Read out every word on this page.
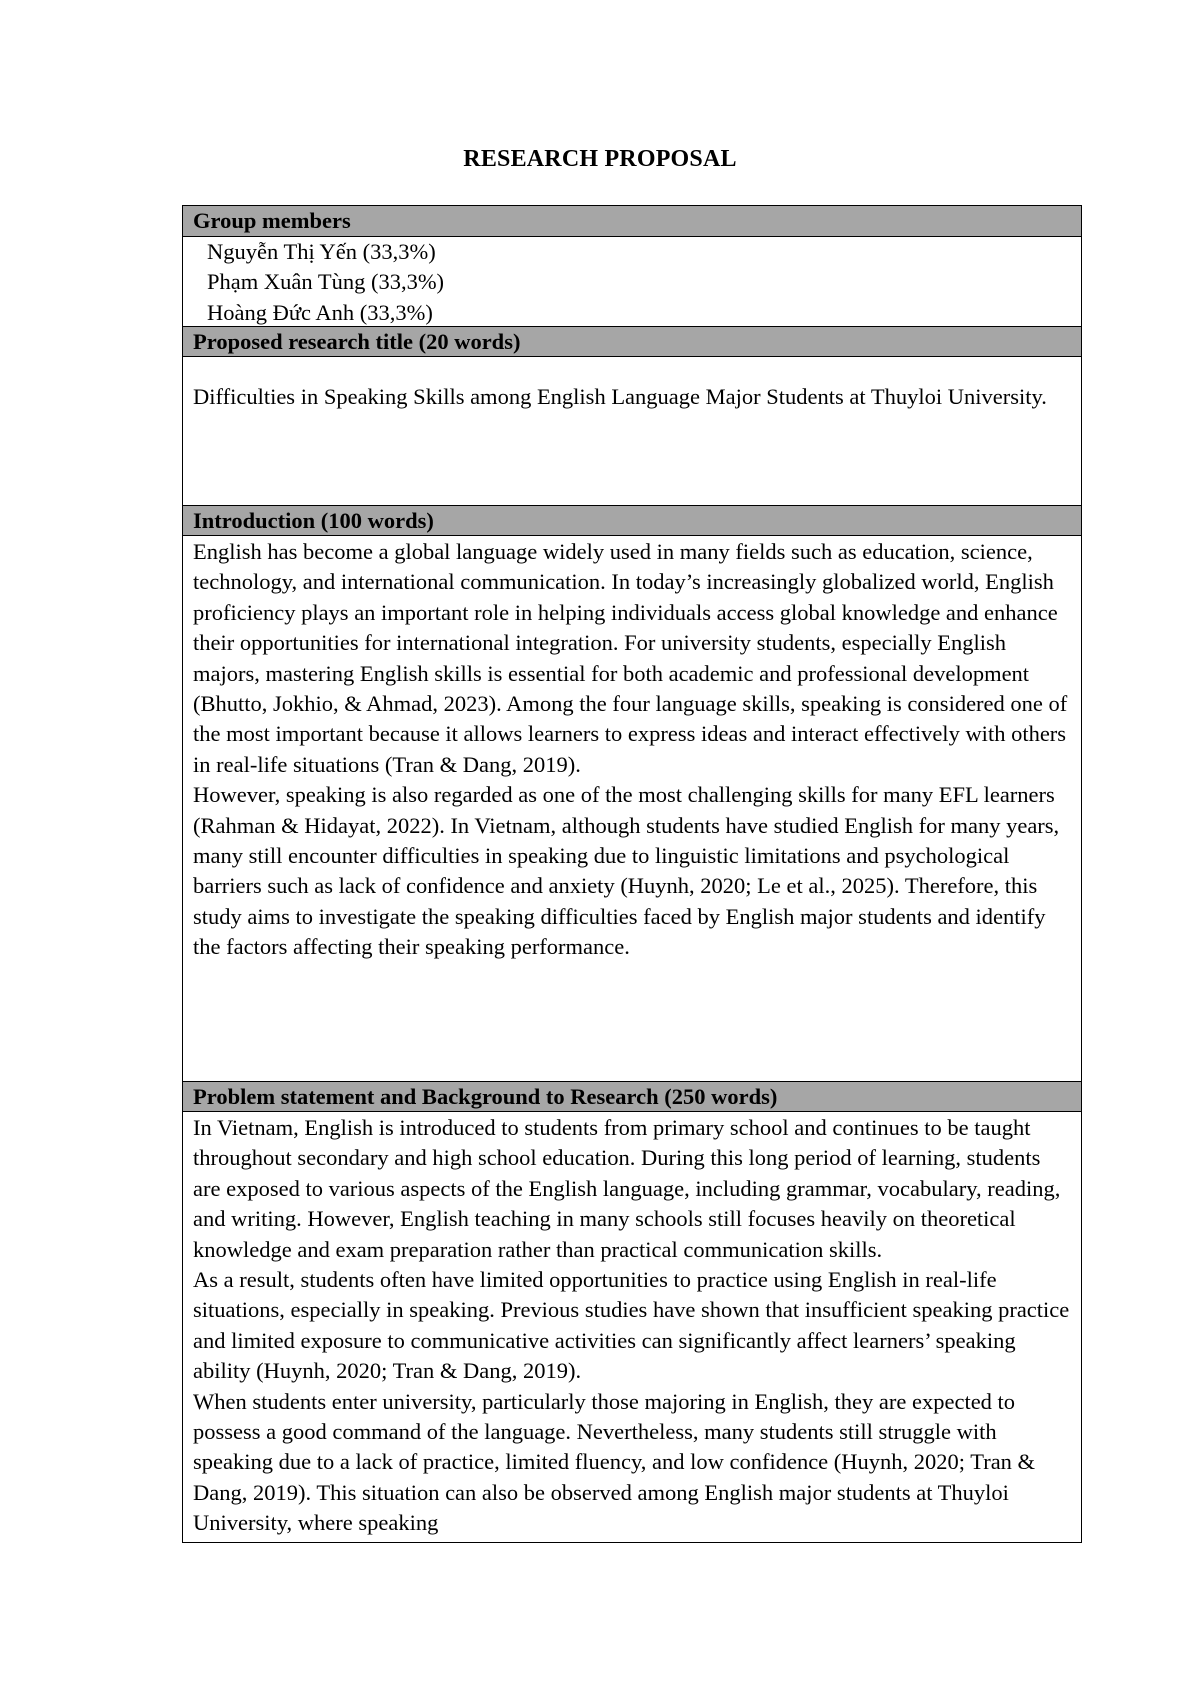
RESEARCH PROPOSAL
Group members

Nguyễn Thị Yến (33,3%)

Phạm Xuân Tùng (33,3%)

Hoàng Đức Anh (33,3%)

Proposed research title (20 words)

Difficulties in Speaking Skills among English Language Major Students at Thuyloi University.

Introduction (100 words)

English has become a global language widely used in many fields such as education, science, technology, and international communication. In today’s increasingly globalized world, English proficiency plays an important role in helping individuals access global knowledge and enhance their opportunities for international integration. For university students, especially English majors, mastering English skills is essential for both academic and professional development (Bhutto, Jokhio, & Ahmad, 2023). Among the four language skills, speaking is considered one of the most important because it allows learners to express ideas and interact effectively with others in real-life situations (Tran & Dang, 2019).

However, speaking is also regarded as one of the most challenging skills for many EFL learners (Rahman & Hidayat, 2022). In Vietnam, although students have studied English for many years, many still encounter difficulties in speaking due to linguistic limitations and psychological barriers such as lack of confidence and anxiety (Huynh, 2020; Le et al., 2025). Therefore, this study aims to investigate the speaking difficulties faced by English major students and identify the factors affecting their speaking performance.

Problem statement and Background to Research (250 words)

In Vietnam, English is introduced to students from primary school and continues to be taught throughout secondary and high school education. During this long period of learning, students are exposed to various aspects of the English language, including grammar, vocabulary, reading, and writing. However, English teaching in many schools still focuses heavily on theoretical knowledge and exam preparation rather than practical communication skills.

As a result, students often have limited opportunities to practice using English in real-life situations, especially in speaking. Previous studies have shown that insufficient speaking practice and limited exposure to communicative activities can significantly affect learners’ speaking ability (Huynh, 2020; Tran & Dang, 2019).

When students enter university, particularly those majoring in English, they are expected to possess a good command of the language. Nevertheless, many students still struggle with speaking due to a lack of practice, limited fluency, and low confidence (Huynh, 2020; Tran & Dang, 2019). This situation can also be observed among English major students at Thuyloi University, where speaking
